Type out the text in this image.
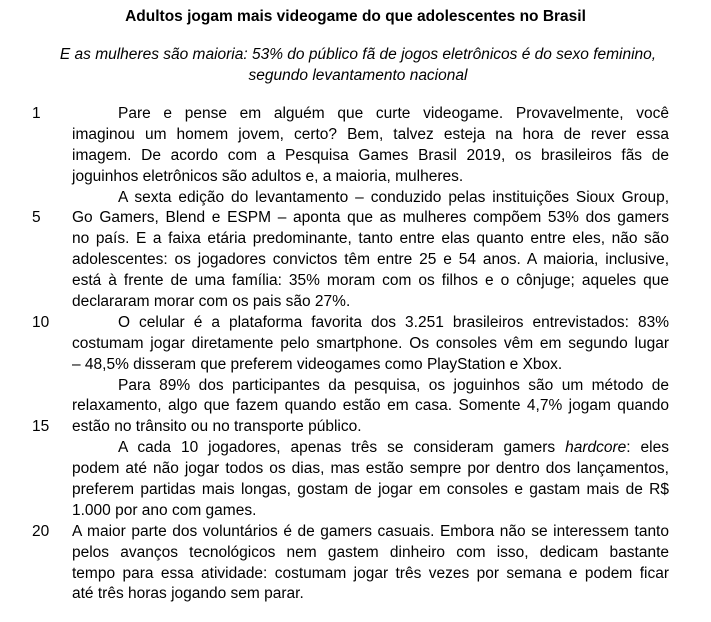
Adultos jogam mais videogame do que adolescentes no Brasil
E as mulheres são maioria: 53% do público fã de jogos eletrônicos é do sexo feminino,
segundo levantamento nacional
1	Pare e pense em alguém que curte videogame. Provavelmente, você
imaginou um homem jovem, certo? Bem, talvez esteja na hora de rever essa
imagem. De acordo com a Pesquisa Games Brasil 2019, os brasileiros fãs de
joguinhos eletrônicos são adultos e, a maioria, mulheres.
A sexta edição do levantamento – conduzido pelas instituições Sioux Group,
5	Go Gamers, Blend e ESPM – aponta que as mulheres compõem 53% dos gamers
no país. E a faixa etária predominante, tanto entre elas quanto entre eles, não são
adolescentes: os jogadores convictos têm entre 25 e 54 anos. A maioria, inclusive,
está à frente de uma família: 35% moram com os filhos e o cônjuge; aqueles que
declararam morar com os pais são 27%.
10	O celular é a plataforma favorita dos 3.251 brasileiros entrevistados: 83%
costumam jogar diretamente pelo smartphone. Os consoles vêm em segundo lugar
– 48,5% disseram que preferem videogames como PlayStation e Xbox.
Para 89% dos participantes da pesquisa, os joguinhos são um método de
relaxamento, algo que fazem quando estão em casa. Somente 4,7% jogam quando
15	estão no trânsito ou no transporte público.
A cada 10 jogadores, apenas três se consideram gamers hardcore: eles
podem até não jogar todos os dias, mas estão sempre por dentro dos lançamentos,
preferem partidas mais longas, gostam de jogar em consoles e gastam mais de R$
1.000 por ano com games.
20	A maior parte dos voluntários é de gamers casuais. Embora não se interessem tanto
pelos avanços tecnológicos nem gastem dinheiro com isso, dedicam bastante
tempo para essa atividade: costumam jogar três vezes por semana e podem ficar
até três horas jogando sem parar.
